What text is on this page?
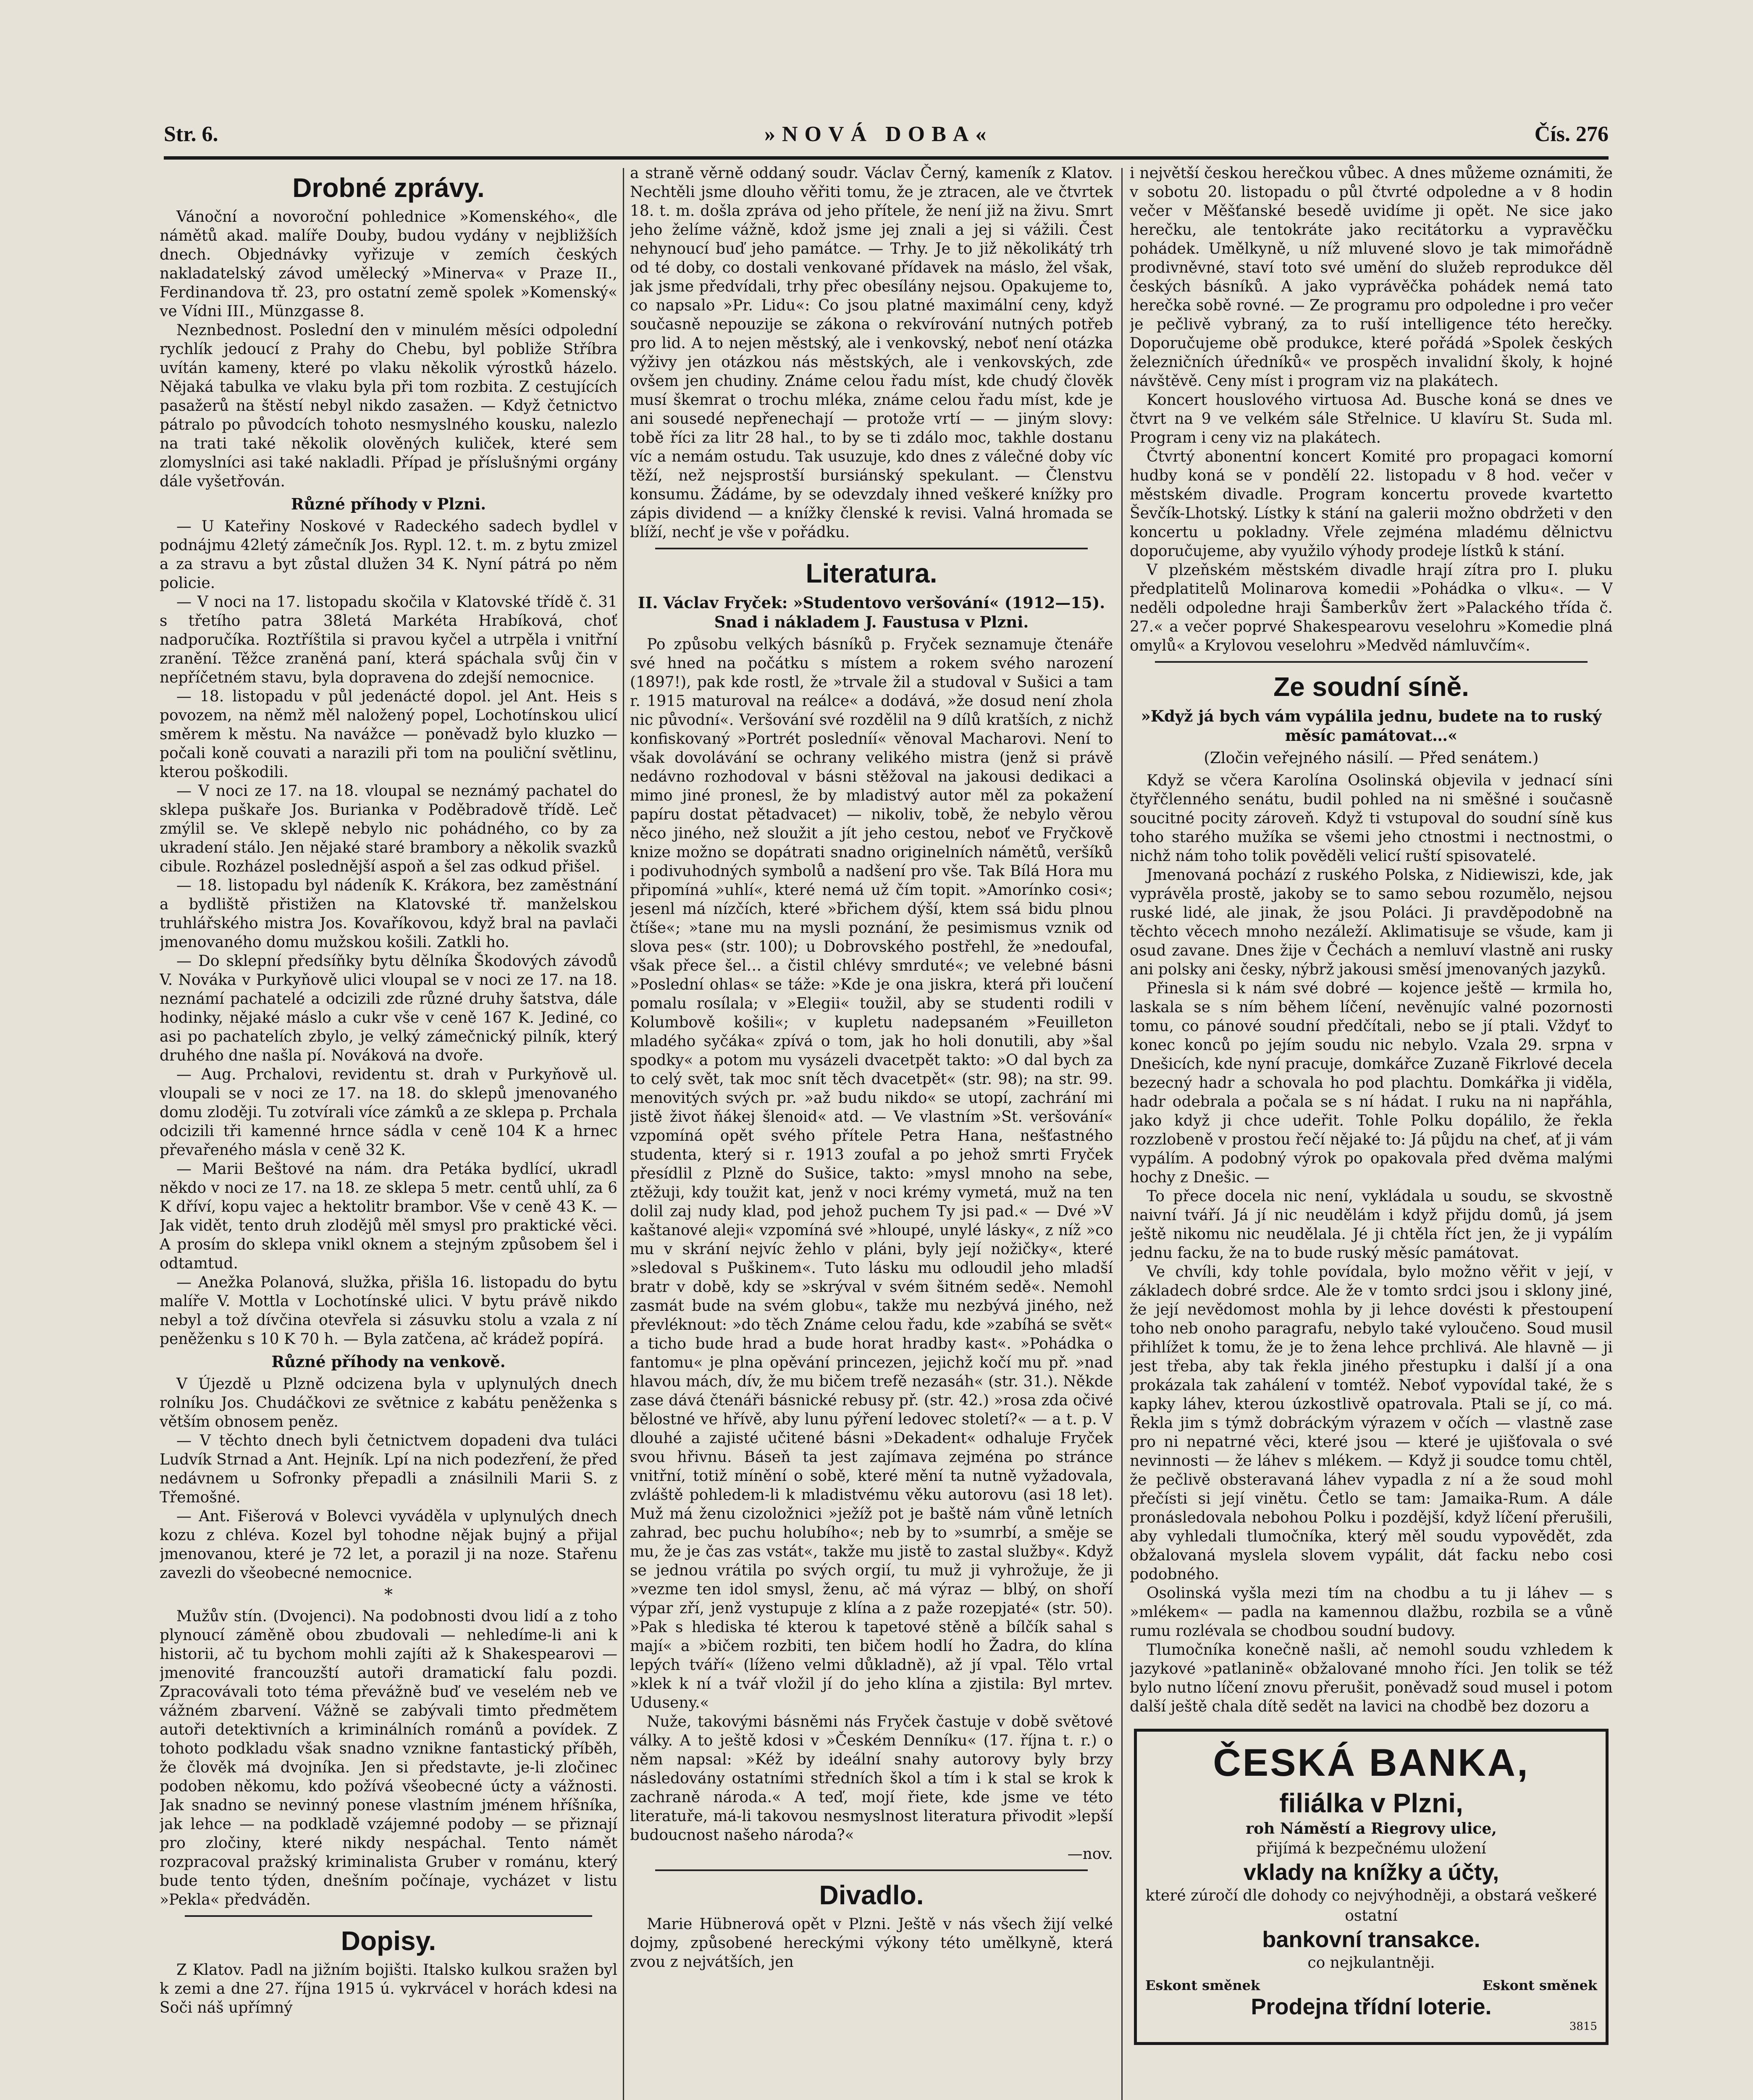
Str. 6.	»NOVÁ DOBA«	Čís. 276
Drobné zprávy.

Vánoční a novoroční pohlednice »Komenského«, dle námětů akad. malíře Douby, budou vydány v nejbližších dnech. Objednávky vyřizuje v zemích českých nakladatelský závod umělecký »Minerva« v Praze II., Ferdinandova tř. 23, pro ostatní země spolek »Komenský« ve Vídni III., Münzgasse 8.

Neznbednost. Poslední den v minulém měsíci odpolední rychlík jedoucí z Prahy do Chebu, byl pobliže Stříbra uvítán kameny, které po vlaku několik výrostků házelo. Nějaká tabulka ve vlaku byla při tom rozbita. Z cestujících pasažerů na štěstí nebyl nikdo zasažen. — Když četnictvo pátralo po původcích tohoto nesmyslného kousku, nalezlo na trati také několik olověných kuliček, které sem zlomyslníci asi také nakladli. Případ je příslušnými orgány dále vyšetřován.

Různé příhody v Plzni.

— U Kateřiny Noskové v Radeckého sadech bydlel v podnájmu 42letý zámečník Jos. Rypl. 12. t. m. z bytu zmizel a za stravu a byt zůstal dlužen 34 K. Nyní pátrá po něm policie.

— V noci na 17. listopadu skočila v Klatovské třídě č. 31 s třetího patra 38letá Markéta Hrabíková, choť nadporučíka. Roztříštila si pravou kyčel a utrpěla i vnitřní zranění. Těžce zraněná paní, která spáchala svůj čin v nepříčetném stavu, byla dopravena do zdejší nemocnice.

— 18. listopadu v půl jedenácté dopol. jel Ant. Heis s povozem, na němž měl naložený popel, Lochotínskou ulicí směrem k městu. Na navážce — poněvadž bylo kluzko — počali koně couvati a narazili při tom na pouliční světlinu, kterou poškodili.

— V noci ze 17. na 18. vloupal se neznámý pachatel do sklepa puškaře Jos. Burianka v Poděbradově třídě. Leč zmýlil se. Ve sklepě nebylo nic pohádného, co by za ukradení stálo. Jen nějaké staré brambory a několik svazků cibule. Rozházel poslednější aspoň a šel zas odkud přišel.

— 18. listopadu byl nádeník K. Krákora, bez zaměstnání a bydliště přistižen na Klatovské tř. manželskou truhlářského mistra Jos. Kovaříkovou, když bral na pavlači jmenovaného domu mužskou košili. Zatkli ho.

— Do sklepní předsíňky bytu dělníka Škodových závodů V. Nováka v Purkyňově ulici vloupal se v noci ze 17. na 18. neznámí pachatelé a odcizili zde různé druhy šatstva, dále hodinky, nějaké máslo a cukr vše v ceně 167 K. Jediné, co asi po pachatelích zbylo, je velký zámečnický pilník, který druhého dne našla pí. Nováková na dvoře.

— Aug. Prchalovi, revidentu st. drah v Purkyňově ul. vloupali se v noci ze 17. na 18. do sklepů jmenovaného domu zloději. Tu zotvírali více zámků a ze sklepa p. Prchala odcizili tři kamenné hrnce sádla v ceně 104 K a hrnec převařeného másla v ceně 32 K.

— Marii Beštové na nám. dra Petáka bydlící, ukradl někdo v noci ze 17. na 18. ze sklepa 5 metr. centů uhlí, za 6 K dříví, kopu vajec a hektolitr brambor. Vše v ceně 43 K. — Jak vidět, tento druh zlodějů měl smysl pro praktické věci. A prosím do sklepa vnikl oknem a stejným způsobem šel i odtamtud.

— Anežka Polanová, služka, přišla 16. listopadu do bytu malíře V. Mottla v Lochotínské ulici. V bytu právě nikdo nebyl a tož dívčina otevřela si zásuvku stolu a vzala z ní peněženku s 10 K 70 h. — Byla zatčena, ač krádež popírá.

Různé příhody na venkově.

V Újezdě u Plzně odcizena byla v uplynulých dnech rolníku Jos. Chudáčkovi ze světnice z kabátu peněženka s větším obnosem peněz.

— V těchto dnech byli četnictvem dopadeni dva tuláci Ludvík Strnad a Ant. Hejník. Lpí na nich podezření, že před nedávnem u Sofronky přepadli a znásilnili Marii S. z Třemošné.

— Ant. Fišerová v Bolevci vyváděla v uplynulých dnech kozu z chléva. Kozel byl tohodne nějak bujný a přijal jmenovanou, které je 72 let, a porazil ji na noze. Stařenu zavezli do všeobecné nemocnice.

*

Mužův stín. (Dvojenci). Na podobnosti dvou lidí a z toho plynoucí záměně obou zbudovali — nehledíme-li ani k historii, ač tu bychom mohli zajíti až k Shakespearovi — jmenovité francouzští autoři dramatickí falu pozdi. Zpracovávali toto téma převážně buď ve veselém neb ve vážném zbarvení. Vážně se zabývali timto předmětem autoři detektivních a kriminálních románů a povídek. Z tohoto podkladu však snadno vznikne fantastický příběh, že člověk má dvojníka. Jen si představte, je-li zločinec podoben někomu, kdo požívá všeobecné úcty a vážnosti. Jak snadno se nevinný ponese vlastním jménem hříšníka, jak lehce — na podkladě vzájemné podoby — se přiznají pro zločiny, které nikdy nespáchal. Tento námět rozpracoval pražský kriminalista Gruber v románu, který bude tento týden, dnešním počínaje, vycházet v listu »Pekla« předváděn.

Dopisy.

Z Klatov. Padl na jižním bojišti. Italsko kulkou sražen byl k zemi a dne 27. října 1915 ú. vykrvácel v horách kdesi na Soči náš upřímný

a straně věrně oddaný soudr. Václav Černý, kameník z Klatov. Nechtěli jsme dlouho věřiti tomu, že je ztracen, ale ve čtvrtek 18. t. m. došla zpráva od jeho přítele, že není již na živu. Smrt jeho želíme vážně, kdož jsme jej znali a jej si vážili. Čest nehynoucí buď jeho památce. — Trhy. Je to již několikátý trh od té doby, co dostali venkované přídavek na máslo, žel však, jak jsme předvídali, trhy přec obesílány nejsou. Opakujeme to, co napsalo »Pr. Lidu«: Co jsou platné maximální ceny, když současně nepouzije se zákona o rekvírování nutných potřeb pro lid. A to nejen městský, ale i venkovský, neboť není otázka výživy jen otázkou nás městských, ale i venkovských, zde ovšem jen chudiny. Známe celou řadu míst, kde chudý člověk musí škemrat o trochu mléka, známe celou řadu míst, kde je ani sousedé nepřenechají — protože vrtí — — jiným slovy: tobě říci za litr 28 hal., to by se ti zdálo moc, takhle dostanu víc a nemám ostudu. Tak usuzuje, kdo dnes z válečné doby víc těží, než nejsprostší bursiánský spekulant. — Členstvu konsumu. Žádáme, by se odevzdaly ihned veškeré knížky pro zápis dividend — a knížky členské k revisi. Valná hromada se blíží, nechť je vše v pořádku.

Literatura.
II. Václav Fryček: »Studentovo veršování« (1912—15). Snad i nákladem J. Faustusa v Plzni.

Po způsobu velkých básníků p. Fryček seznamuje čtenáře své hned na počátku s místem a rokem svého narození (1897!), pak kde rostl, že »trvale žil a studoval v Sušici a tam r. 1915 maturoval na reálce« a dodává, »že dosud není zhola nic původní«. Veršování své rozdělil na 9 dílů kratších, z nichž konfiskovaný »Portrét posledníí« věnoval Macharovi. Není to však dovolávání se ochrany velikého mistra (jenž si právě nedávno rozhodoval v básni stěžoval na jakousi dedikaci a mimo jiné pronesl, že by mladistvý autor měl za pokažení papíru dostat pětadvacet) — nikoliv, tobě, že nebylo věrou něco jiného, než sloužit a jít jeho cestou, neboť ve Fryčkově knize možno se dopátrati snadno originelních námětů, veršíků i podivuhodných symbolů a nadšení pro vše. Tak Bílá Hora mu připomíná »uhlí«, které nemá už čím topit. »Amorínko cosi«; jesenl má nízčích, které »břichem dýší, ktem ssá bidu plnou čtíše«; »tane mu na mysli poznání, že pesimismus vznik od slova pes« (str. 100); u Dobrovského postřehl, že »nedoufal, však přece šel… a čistil chlévy smrduté«; ve velebné básni »Poslední ohlas« se táže: »Kde je ona jiskra, která při loučení pomalu rosílala; v »Elegii« toužil, aby se studenti rodili v Kolumbově košili«; v kupletu nadepsaném »Feuilleton mladého syčáka« zpívá o tom, jak ho holi donutili, aby »šal spodky« a potom mu vysázeli dvacetpět takto: »O dal bych za to celý svět, tak moc snít těch dvacetpět« (str. 98); na str. 99. menovitých svých pr. »až budu nikdo« se utopí, zachrání mi jistě život ňákej šlenoid« atd. — Ve vlastním »St. veršování« vzpomíná opět svého přítele Petra Hana, nešťastného studenta, který si r. 1913 zoufal a po jehož smrti Fryček přesídlil z Plzně do Sušice, takto: »mysl mnoho na sebe, ztěžuji, kdy toužit kat, jenž v noci krémy vymetá, muž na ten dolil zaj nudy klad, pod jehož puchem Ty jsi pad.« — Dvé »V kaštanové aleji« vzpomíná své »hloupé, unylé lásky«, z níž »co mu v skrání nejvíc žehlo v pláni, byly její nožičky«, které »sledoval s Puškinem«. Tuto lásku mu odloudil jeho mladší bratr v době, kdy se »skrýval v svém šitném sedě«. Nemohl zasmát bude na svém globu«, takže mu nezbývá jiného, než převléknout: »do těch Známe celou řadu, kde »zabíhá se svět« a ticho bude hrad a bude horat hradby kast«. »Pohádka o fantomu« je plna opěvání princezen, jejichž kočí mu př. »nad hlavou mách, dív, že mu bičem trefě nezasáh« (str. 31.). Někde zase dává čtenáři básnické rebusy př. (str. 42.) »rosa zda očivé bělostné ve hřívě, aby lunu pýření ledovec století?« — a t. p. V dlouhé a zajisté učitené básni »Dekadent« odhaluje Fryček svou hřivnu. Báseň ta jest zajímava zejména po stránce vnitřní, totiž mínění o sobě, které mění ta nutně vyžadovala, zvláště pohledem-li k mladistvému věku autorovu (asi 18 let). Muž má ženu cizoložnici »ježíž pot je baště nám vůně letních zahrad, bec puchu holubího«; neb by to »sumrbí, a směje se mu, že je čas zas vstát«, takže mu jistě to zastal služby«. Když se jednou vrátila po svých orgií, tu muž ji vyhrožuje, že ji »vezme ten idol smysl, ženu, ač má výraz — blbý, on shoří výpar zří, jenž vystupuje z klína a z paže rozepjaté« (str. 50). »Pak s hlediska té kterou k tapetové stěně a bílčík sahal s mají« a »bičem rozbiti, ten bičem hodlí ho Žadra, do klína lepých tváří« (líženo velmi důkladně), až jí vpal. Tělo vrtal »klek k ní a tvář vložil jí do jeho klína a zjistila: Byl mrtev. Uduseny.«

Nuže, takovými básněmi nás Fryček častuje v době světové války. A to ještě kdosi v »Českém Denníku« (17. října t. r.) o něm napsal: »Kéž by ideální snahy autorovy byly brzy následovány ostatními středních škol a tím i k stal se krok k zachraně národa.« A teď, mojí řiete, kde jsme ve této literatuře, má-li takovou nesmyslnost literatura přivodit »lepší budoucnost našeho národa?«

—nov.
Divadlo.

Marie Hübnerová opět v Plzni. Ještě v nás všech žijí velké dojmy, způsobené hereckými výkony této umělkyně, která zvou z nejvátších, jen

i největší českou herečkou vůbec. A dnes můžeme oznámiti, že v sobotu 20. listopadu o půl čtvrté odpoledne a v 8 hodin večer v Měšťanské besedě uvidíme ji opět. Ne sice jako herečku, ale tentokráte jako recitátorku a vypravěčku pohádek. Umělkyně, u níž mluvené slovo je tak mimořádně prodivněvné, staví toto své umění do služeb reprodukce děl českých básníků. A jako vyprávěčka pohádek nemá tato herečka sobě rovné. — Ze programu pro odpoledne i pro večer je pečlivě vybraný, za to ruší intelligence této herečky. Doporučujeme obě produkce, které pořádá »Spolek českých železničních úředníků« ve prospěch invalidní školy, k hojné návštěvě. Ceny míst i program viz na plakátech.

Koncert houslového virtuosa Ad. Busche koná se dnes ve čtvrt na 9 ve velkém sále Střelnice. U klavíru St. Suda ml. Program i ceny viz na plakátech.

Čtvrtý abonentní koncert Komité pro propagaci komorní hudby koná se v pondělí 22. listopadu v 8 hod. večer v městském divadle. Program koncertu provede kvartetto Ševčík-Lhotský. Lístky k stání na galerii možno obdržeti v den koncertu u pokladny. Vřele zejména mladému dělnictvu doporučujeme, aby využilo výhody prodeje lístků k stání.

V plzeňském městském divadle hrají zítra pro I. pluku předplatitelů Molinarova komedii »Pohádka o vlku«. — V neděli odpoledne hraji Šamberkův žert »Palackého třída č. 27.« a večer poprvé Shakespearovu veselohru »Komedie plná omylů« a Krylovou veselohru »Medvěd námluvčím«.

Ze soudní síně.
»Když já bych vám vypálila jednu, budete na to ruský měsíc památovat…«
(Zločin veřejného násilí. — Před senátem.)

Když se včera Karolína Osolinská objevila v jednací síni čtyřčlenného senátu, budil pohled na ni směšné i současně soucitné pocity zároveň. Když ti vstupoval do soudní síně kus toho starého mužíka se všemi jeho ctnostmi i nectnostmi, o nichž nám toho tolik pověděli velicí ruští spisovatelé.

Jmenovaná pochází z ruského Polska, z Nidiewiszi, kde, jak vyprávěla prostě, jakoby se to samo sebou rozumělo, nejsou ruské lidé, ale jinak, že jsou Poláci. Ji pravděpodobně na těchto věcech mnoho nezáleží. Aklimatisuje se všude, kam ji osud zavane. Dnes žije v Čechách a nemluví vlastně ani rusky ani polsky ani česky, nýbrž jakousi směsí jmenovaných jazyků.

Přinesla si k nám své dobré — kojence ještě — krmila ho, laskala se s ním během líčení, nevěnujíc valné pozornosti tomu, co pánové soudní předčítali, nebo se jí ptali. Vždyť to konec konců po jejím soudu nic nebylo. Vzala 29. srpna v Dnešicích, kde nyní pracuje, domkářce Zuzaně Fikrlové decela bezecný hadr a schovala ho pod plachtu. Domkářka ji viděla, hadr odebrala a počala se s ní hádat. I ruku na ni napřáhla, jako když ji chce udeřit. Tohle Polku dopálilo, že řekla rozzlobeně v prostou řečí nějaké to: Já půjdu na cheť, ať ji vám vypálím. A podobný výrok po opakovala před dvěma malými hochy z Dnešic. —

To přece docela nic není, vykládala u soudu, se skvostně naivní tváří. Já jí nic neudělám i když přijdu domů, já jsem ještě nikomu nic neudělala. Jé ji chtěla říct jen, že ji vypálím jednu facku, že na to bude ruský měsíc památovat.

Ve chvíli, kdy tohle povídala, bylo možno věřit v její, v základech dobré srdce. Ale že v tomto srdci jsou i sklony jiné, že její nevědomost mohla by ji lehce dovésti k přestoupení toho neb onoho paragrafu, nebylo také vyloučeno. Soud musil přihlížet k tomu, že je to žena lehce prchlivá. Ale hlavně — ji jest třeba, aby tak řekla jiného přestupku i další jí a ona prokázala tak zahálení v tomtéž. Neboť vypovídal také, že s kapky láhev, kterou úzkostlivě opatrovala. Ptali se jí, co má. Řekla jim s týmž dobráckým výrazem v očích — vlastně zase pro ni nepatrné věci, které jsou — které je ujišťovala o své nevinnosti — že láhev s mlékem. — Když ji soudce tomu chtěl, že pečlivě obsteravaná láhev vypadla z ní a že soud mohl přečísti si její vinětu. Četlo se tam: Jamaika-Rum. A dále pronásledovala nebohou Polku i pozdější, když líčení přerušili, aby vyhledali tlumočníka, který měl soudu vypovědět, zda obžalovaná myslela slovem vypálit, dát facku nebo cosi podobného.

Osolinská vyšla mezi tím na chodbu a tu ji láhev — s »mlékem« — padla na kamennou dlažbu, rozbila se a vůně rumu rozlévala se chodbou soudní budovy.

Tlumočníka konečně našli, ač nemohl soudu vzhledem k jazykové »patlanině« obžalované mnoho říci. Jen tolik se též bylo nutno líčení znovu přerušit, poněvadž soud musel i potom další ještě chala dítě sedět na lavici na chodbě bez dozoru a

ČESKÁ BANKA,
filiálka v Plzni,
roh Náměstí a Riegrovy ulice,
přijímá k bezpečnému uložení
vklady na knížky a účty,
které zúročí dle dohody co nejvýhodněji, a obstará veškeré ostatní
bankovní transakce.
co nejkulantněji.
Eskont směnek	Eskont směnek
Prodejna třídní loterie.
3815
